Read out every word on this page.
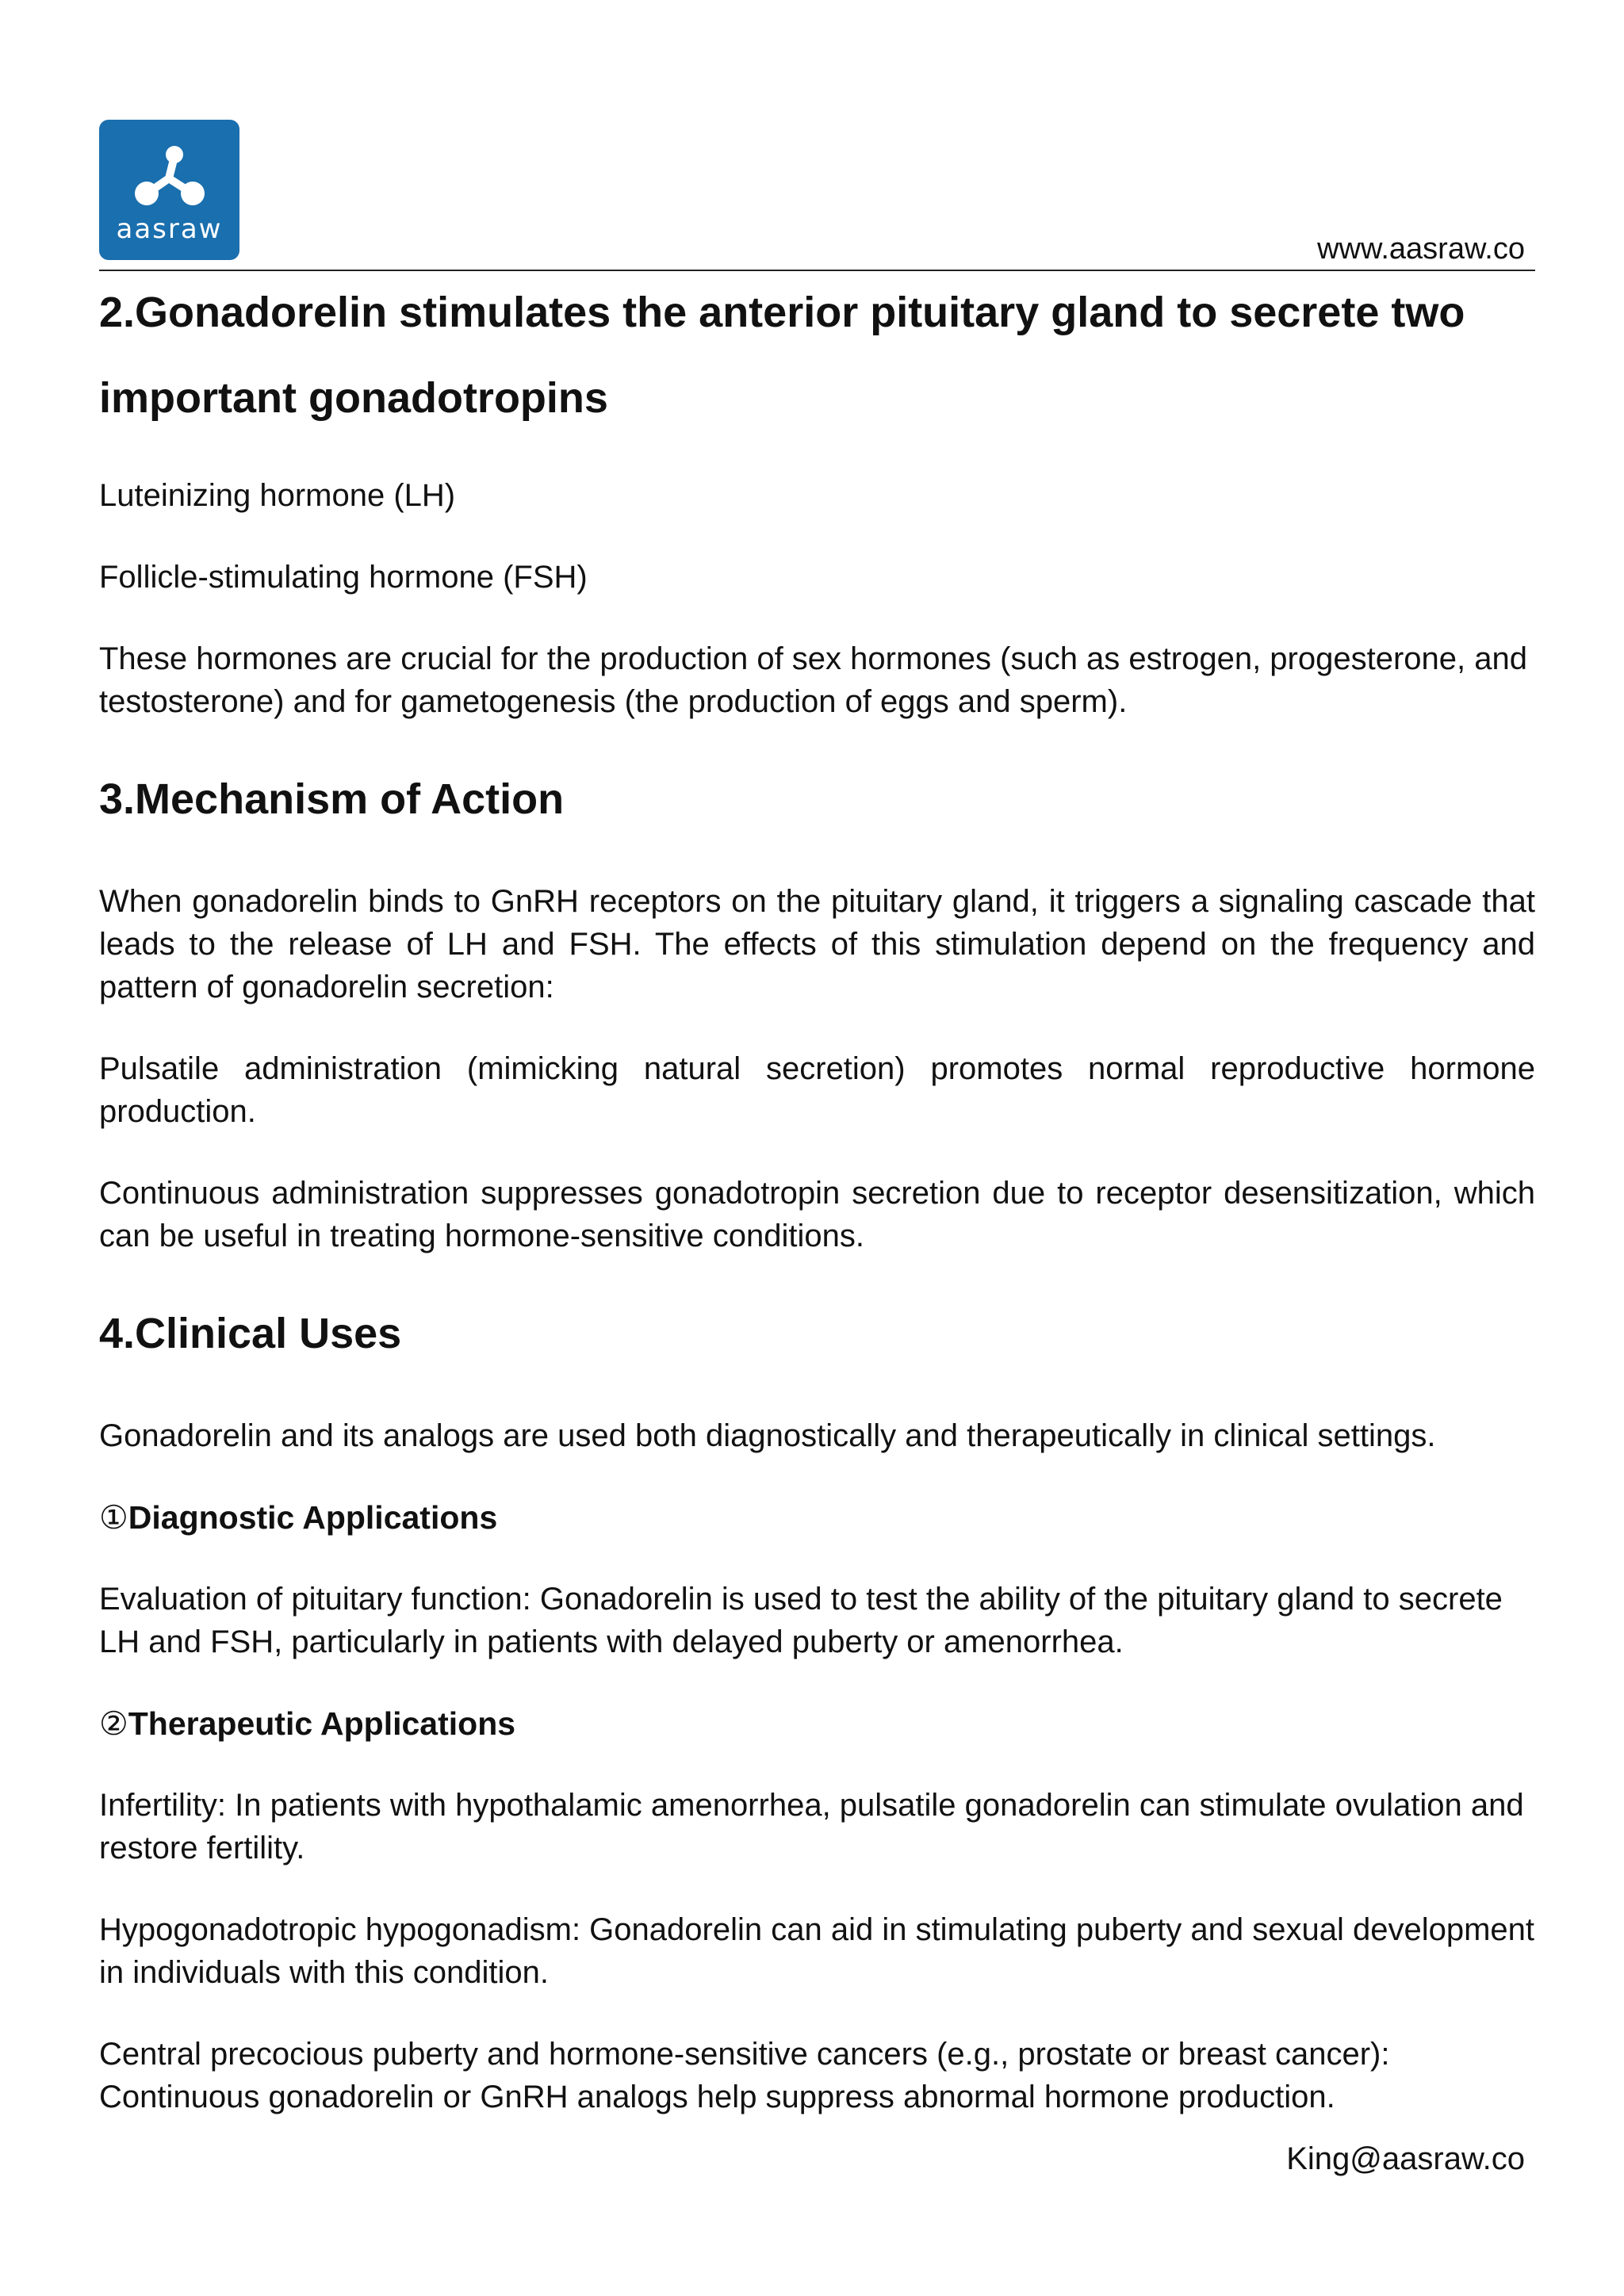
aasraw
www.aasraw.co
2.Gonadorelin stimulates the anterior pituitary gland to secrete two
important gonadotropins

Luteinizing hormone (LH)

Follicle-stimulating hormone (FSH)

These hormones are crucial for the production of sex hormones (such as estrogen, progesterone, and testosterone) and for gametogenesis (the production of eggs and sperm).

3.Mechanism of Action

When gonadorelin binds to GnRH receptors on the pituitary gland, it triggers a signaling cascade that leads to the release of LH and FSH. The effects of this stimulation depend on the frequency and pattern of gonadorelin secretion:

Pulsatile administration (mimicking natural secretion) promotes normal reproductive hormone production.

Continuous administration suppresses gonadotropin secretion due to receptor desensitization, which can be useful in treating hormone-sensitive conditions.

4.Clinical Uses

Gonadorelin and its analogs are used both diagnostically and therapeutically in clinical settings.

①Diagnostic Applications

Evaluation of pituitary function: Gonadorelin is used to test the ability of the pituitary gland to secrete LH and FSH, particularly in patients with delayed puberty or amenorrhea.

②Therapeutic Applications

Infertility: In patients with hypothalamic amenorrhea, pulsatile gonadorelin can stimulate ovulation and restore fertility.

Hypogonadotropic hypogonadism: Gonadorelin can aid in stimulating puberty and sexual development in individuals with this condition.

Central precocious puberty and hormone-sensitive cancers (e.g., prostate or breast cancer): Continuous gonadorelin or GnRH analogs help suppress abnormal hormone production.

King@aasraw.co
